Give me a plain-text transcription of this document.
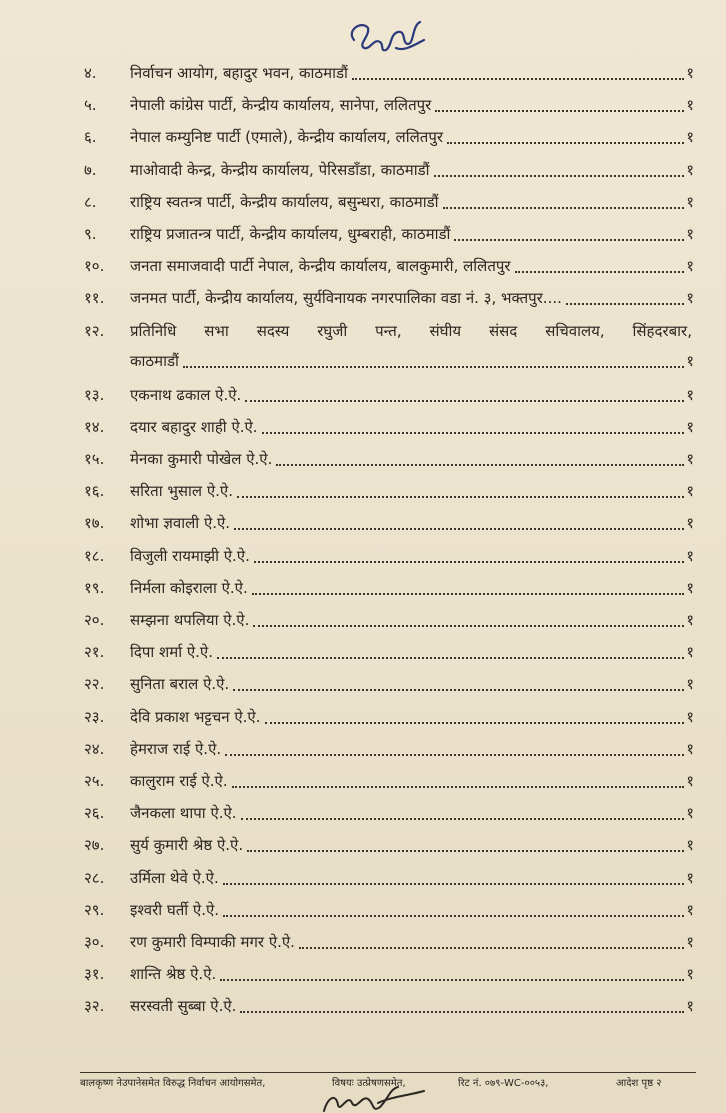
४.	निर्वाचन आयोग, बहादुर भवन, काठमाडौं	१
५.	नेपाली कांग्रेस पार्टी, केन्द्रीय कार्यालय, सानेपा, ललितपुर	१
६.	नेपाल कम्युनिष्ट पार्टी (एमाले), केन्द्रीय कार्यालय, ललितपुर	१
७.	माओवादी केन्द्र, केन्द्रीय कार्यालय, पेरिसडाँडा, काठमाडौं	१
८.	राष्ट्रिय स्वतन्त्र पार्टी, केन्द्रीय कार्यालय, बसुन्धरा, काठमाडौं	१
९.	राष्ट्रिय प्रजातन्त्र पार्टी, केन्द्रीय कार्यालय, धुम्बराही, काठमाडौं	१
१०.	जनता समाजवादी पार्टी नेपाल, केन्द्रीय कार्यालय, बालकुमारी, ललितपुर	१
११.	जनमत पार्टी, केन्द्रीय कार्यालय, सुर्यविनायक नगरपालिका वडा नं. ३, भक्तपुर....	१
१२.	प्रतिनिधि सभा सदस्य रघुजी पन्त, संघीय संसद सचिवालय, सिंहदरबार,
काठमाडौं	१
१३.	एकनाथ ढकाल ऐ.ऐ.	१
१४.	दयार बहादुर शाही ऐ.ऐ.	१
१५.	मेनका कुमारी पोखेल ऐ.ऐ.	१
१६.	सरिता भुसाल ऐ.ऐ.	१
१७.	शोभा ज्ञवाली ऐ.ऐ.	१
१८.	विजुली रायमाझी ऐ.ऐ.	१
१९.	निर्मला कोइराला ऐ.ऐ.	१
२०.	सम्झना थपलिया ऐ.ऐ.	१
२१.	दिपा शर्मा ऐ.ऐ.	१
२२.	सुनिता बराल ऐ.ऐ.	१
२३.	देवि प्रकाश भट्टचन ऐ.ऐ.	१
२४.	हेमराज राई ऐ.ऐ.	१
२५.	कालुराम राई ऐ.ऐ.	१
२६.	जैनकला थापा ऐ.ऐ.	१
२७.	सुर्य कुमारी श्रेष्ठ ऐ.ऐ.	१
२८.	उर्मिला थेवे ऐ.ऐ.	१
२९.	इश्वरी घर्ती ऐ.ऐ.	१
३०.	रण कुमारी विम्पाकी मगर ऐ.ऐ.	१
३१.	शान्ति श्रेष्ठ ऐ.ऐ.	१
३२.	सरस्वती सुब्बा ऐ.ऐ.	१
बालकृष्ण नेउपानेसमेत विरुद्ध निर्वाचन आयोगसमेत,	विषयः उत्प्रेषणसमेत,	रिट नं. ०७९-WC-००५३,	आदेश पृष्ठ २
